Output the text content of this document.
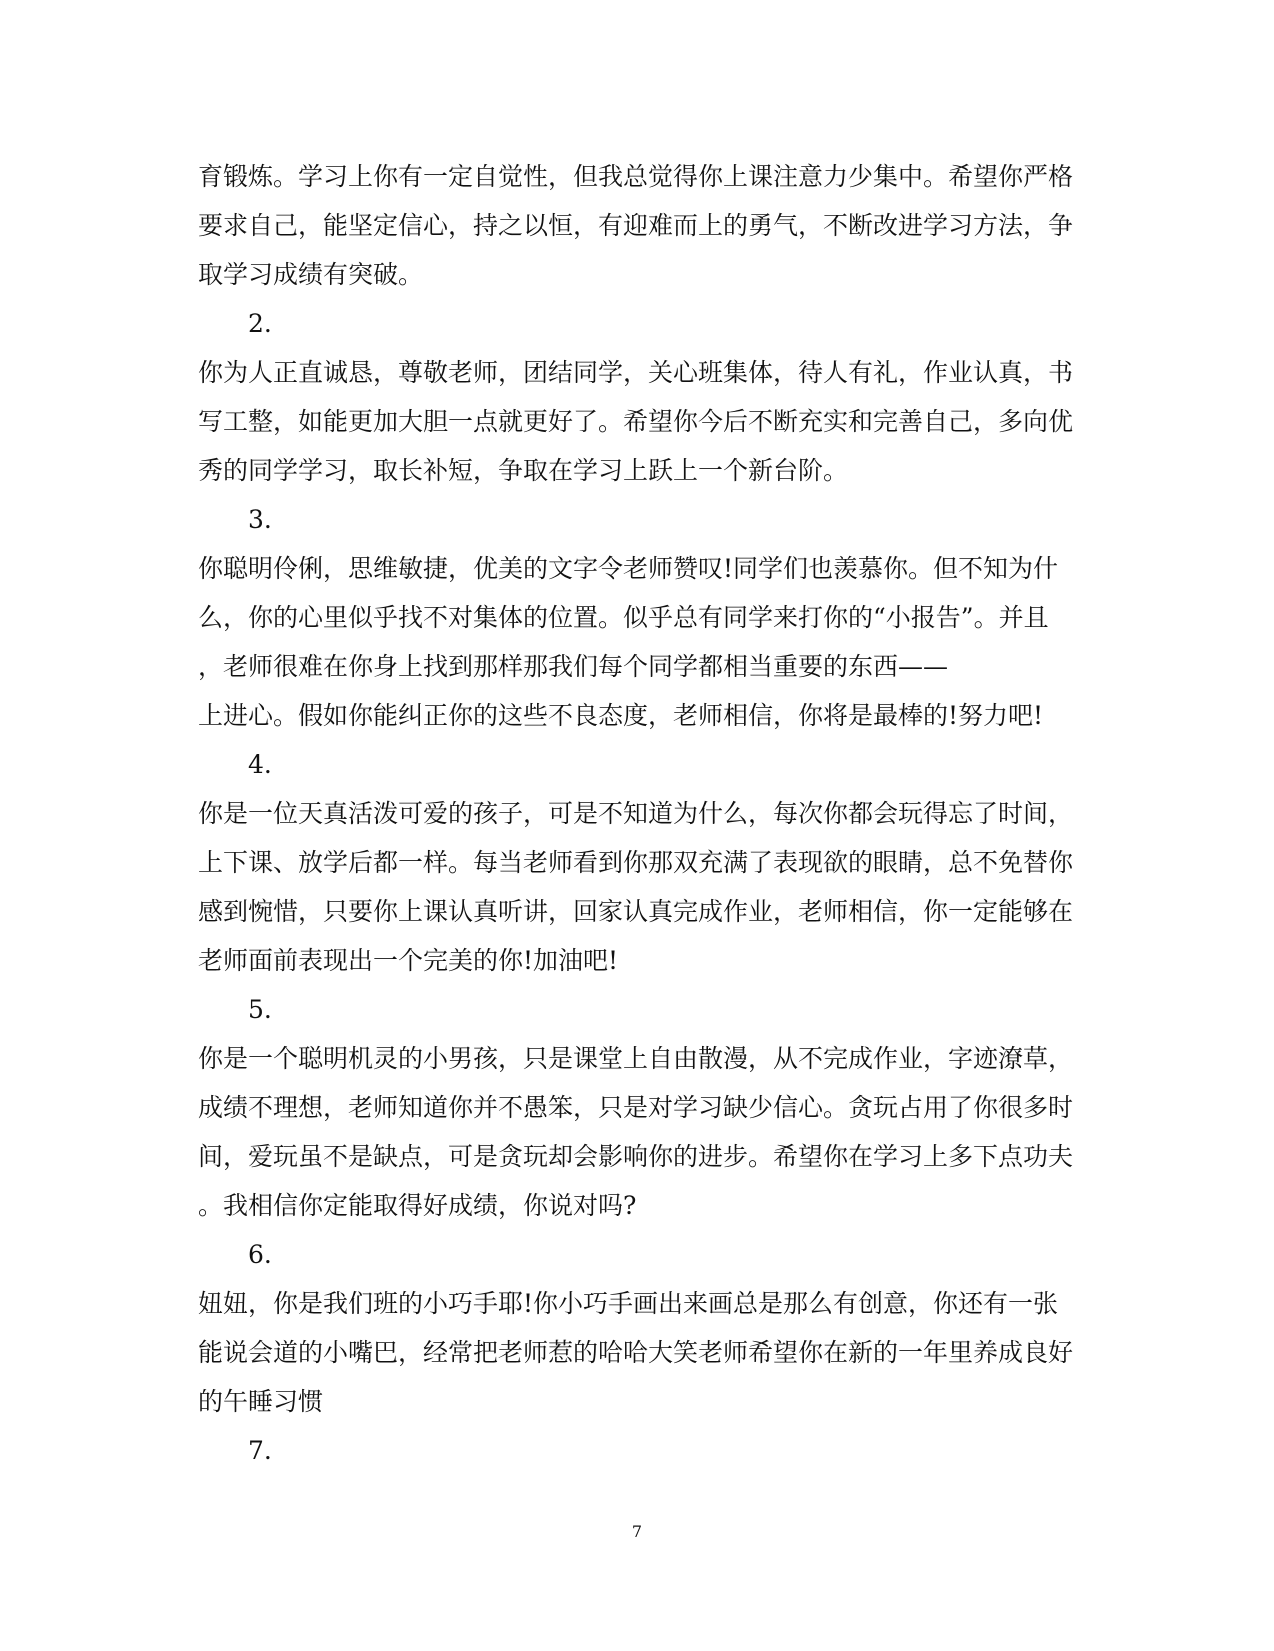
育锻炼。学习上你有一定自觉性，但我总觉得你上课注意力少集中。希望你严格
要求自己，能坚定信心，持之以恒，有迎难而上的勇气，不断改进学习方法，争
取学习成绩有突破。
2.
你为人正直诚恳，尊敬老师，团结同学，关心班集体，待人有礼，作业认真，书
写工整，如能更加大胆一点就更好了。希望你今后不断充实和完善自己，多向优
秀的同学学习，取长补短，争取在学习上跃上一个新台阶。
3.
你聪明伶俐，思维敏捷，优美的文字令老师赞叹!同学们也羡慕你。但不知为什
么，你的心里似乎找不对集体的位置。似乎总有同学来打你的“小报告”。并且
，老师很难在你身上找到那样那我们每个同学都相当重要的东西——
上进心。假如你能纠正你的这些不良态度，老师相信，你将是最棒的!努力吧!
4.
你是一位天真活泼可爱的孩子，可是不知道为什么，每次你都会玩得忘了时间，
上下课、放学后都一样。每当老师看到你那双充满了表现欲的眼睛，总不免替你
感到惋惜，只要你上课认真听讲，回家认真完成作业，老师相信，你一定能够在
老师面前表现出一个完美的你!加油吧!
5.
你是一个聪明机灵的小男孩，只是课堂上自由散漫，从不完成作业，字迹潦草，
成绩不理想，老师知道你并不愚笨，只是对学习缺少信心。贪玩占用了你很多时
间，爱玩虽不是缺点，可是贪玩却会影响你的进步。希望你在学习上多下点功夫
。我相信你定能取得好成绩，你说对吗?
6.
妞妞，你是我们班的小巧手耶!你小巧手画出来画总是那么有创意，你还有一张
能说会道的小嘴巴，经常把老师惹的哈哈大笑老师希望你在新的一年里养成良好
的午睡习惯
7.
7
